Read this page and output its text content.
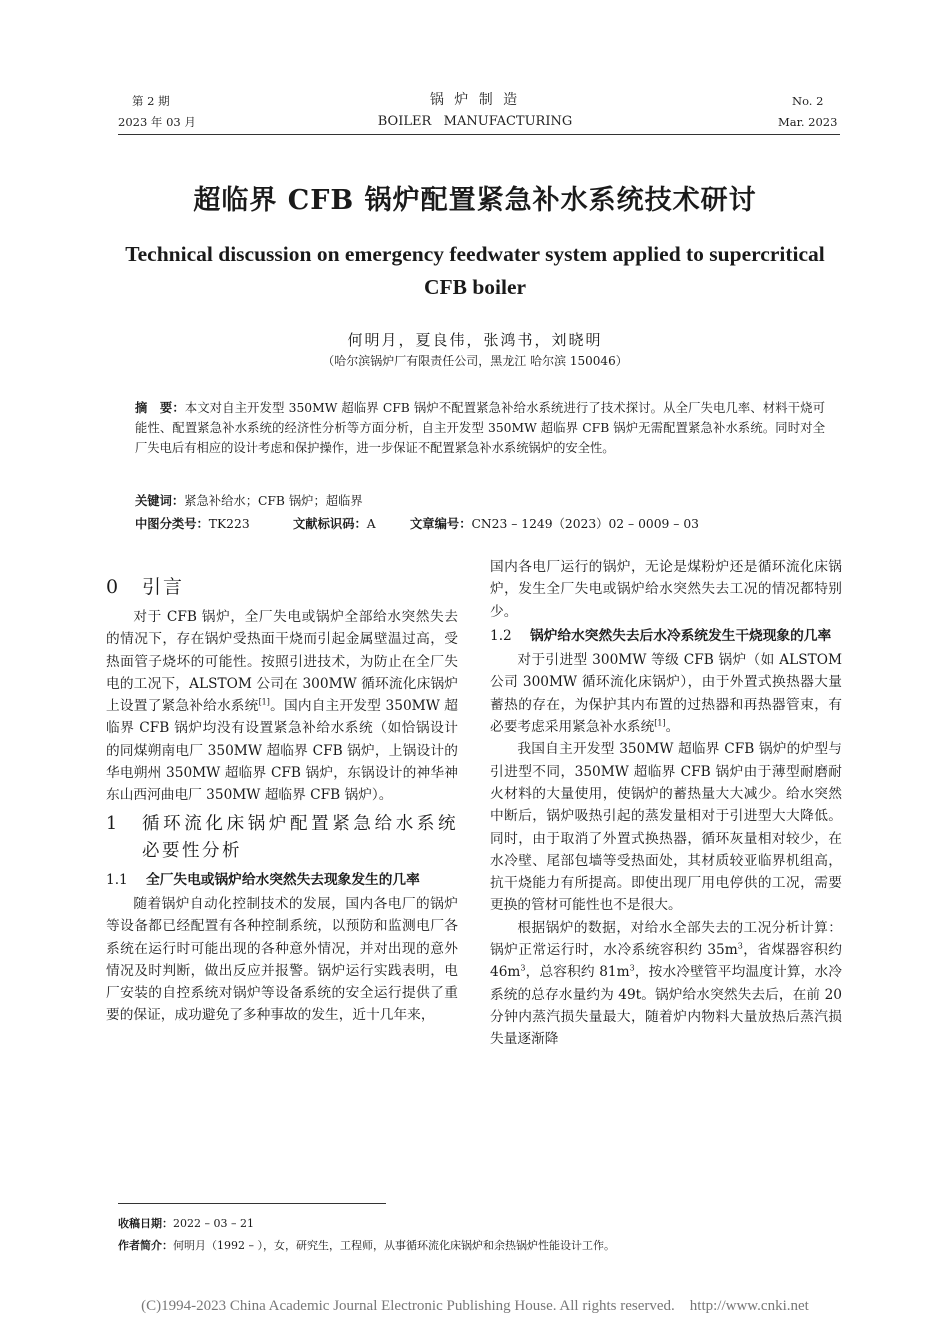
第 2 期
2023 年 03 月
锅 炉 制 造
BOILER   MANUFACTURING
No. 2
Mar. 2023
超临界 CFB 锅炉配置紧急补水系统技术研讨
Technical discussion on emergency feedwater system applied to supercritical CFB boiler
何明月，夏良伟，张鸿书，刘晓明
（哈尔滨锅炉厂有限责任公司，黑龙江 哈尔滨 150046）
摘　要：本文对自主开发型 350MW 超临界 CFB 锅炉不配置紧急补给水系统进行了技术探讨。从全厂失电几率、材料干烧可能性、配置紧急补水系统的经济性分析等方面分析，自主开发型 350MW 超临界 CFB 锅炉无需配置紧急补水系统。同时对全厂失电后有相应的设计考虑和保护操作，进一步保证不配置紧急补水系统锅炉的安全性。
关键词：紧急补给水；CFB 锅炉；超临界
中图分类号：TK223	文献标识码：A	文章编号：CN23 – 1249（2023）02 – 0009 – 03
0 引言

对于 CFB 锅炉，全厂失电或锅炉全部给水突然失去的情况下，存在锅炉受热面干烧而引起金属壁温过高，受热面管子烧坏的可能性。按照引进技术，为防止在全厂失电的工况下，ALSTOM 公司在 300MW 循环流化床锅炉上设置了紧急补给水系统[1]。国内自主开发型 350MW 超临界 CFB 锅炉均没有设置紧急补给水系统（如恰锅设计的同煤朔南电厂 350MW 超临界 CFB 锅炉，上锅设计的华电朔州 350MW 超临界 CFB 锅炉，东锅设计的神华神东山西河曲电厂 350MW 超临界 CFB 锅炉）。

1	循环流化床锅炉配置紧急给水系统必要性分析
1.1	全厂失电或锅炉给水突然失去现象发生的几率

随着锅炉自动化控制技术的发展，国内各电厂的锅炉等设备都已经配置有各种控制系统，以预防和监测电厂各系统在运行时可能出现的各种意外情况，并对出现的意外情况及时判断，做出反应并报警。锅炉运行实践表明，电厂安装的自控系统对锅炉等设备系统的安全运行提供了重要的保证，成功避免了多种事故的发生，近十几年来，

国内各电厂运行的锅炉，无论是煤粉炉还是循环流化床锅炉，发生全厂失电或锅炉给水突然失去工况的情况都特别少。

1.2	锅炉给水突然失去后水冷系统发生干烧现象的几率

对于引进型 300MW 等级 CFB 锅炉（如 ALSTOM 公司 300MW 循环流化床锅炉），由于外置式换热器大量蓄热的存在，为保护其内布置的过热器和再热器管束，有必要考虑采用紧急补水系统[1]。

我国自主开发型 350MW 超临界 CFB 锅炉的炉型与引进型不同，350MW 超临界 CFB 锅炉由于薄型耐磨耐火材料的大量使用，使锅炉的蓄热量大大减少。给水突然中断后，锅炉吸热引起的蒸发量相对于引进型大大降低。同时，由于取消了外置式换热器，循环灰量相对较少，在水冷壁、尾部包墙等受热面处，其材质较亚临界机组高，抗干烧能力有所提高。即使出现厂用电停供的工况，需要更换的管材可能性也不是很大。

根据锅炉的数据，对给水全部失去的工况分析计算：锅炉正常运行时，水冷系统容积约 $35m^3$，省煤器容积约 $46m^3$，总容积约 $81m^3$，按水冷壁管平均温度计算，水冷系统的总存水量约为 49t。锅炉给水突然失去后，在前 20 分钟内蒸汽损失量最大，随着炉内物料大量放热后蒸汽损失量逐渐降

收稿日期：2022 – 03 – 21
作者简介：何明月（1992 – ），女，研究生，工程师，从事循环流化床锅炉和余热锅炉性能设计工作。
(C)1994-2023 China Academic Journal Electronic Publishing House. All rights reserved.    http://www.cnki.net
